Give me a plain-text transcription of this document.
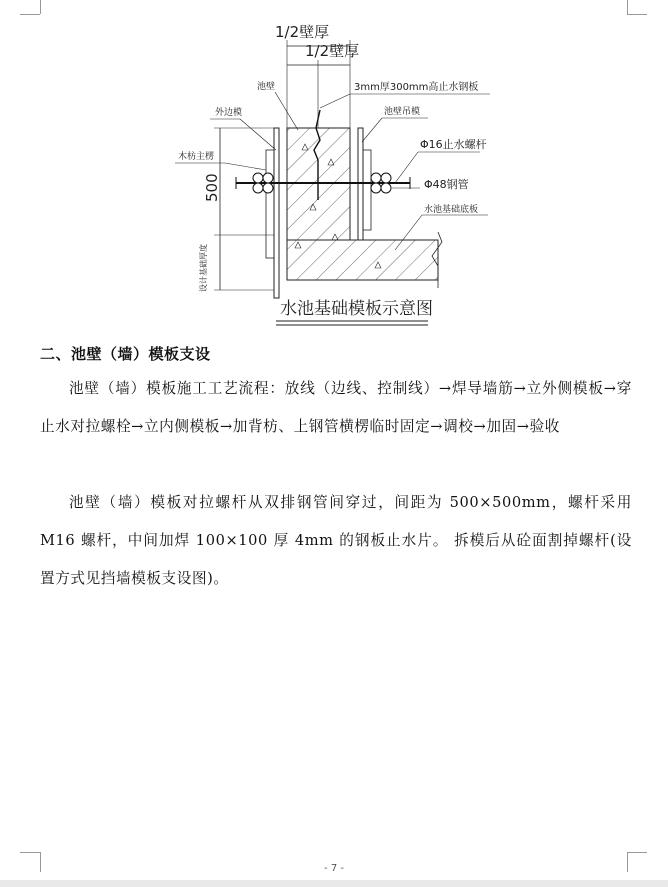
1/2壁厚
1/2壁厚
500
设计基础厚度
池壁	3mm厚300mm高止水钢板
外边模	池壁吊模
Φ16止水螺杆
木枋主楞
Φ48钢管
水池基础底板
水池基础模板示意图
二、池壁（墙）模板支设
池壁（墙）模板施工工艺流程：放线（边线、控制线）→焊导墙筋→立外侧模板→穿止水对拉螺栓→立内侧模板→加背枋、上钢管横楞临时固定→调校→加固→验收
池壁（墙）模板对拉螺杆从双排钢管间穿过，间距为 500×500mm，螺杆采用M16 螺杆，中间加焊 100×100 厚 4mm 的钢板止水片。 拆模后从砼面割掉螺杆(设置方式见挡墙模板支设图)。
- 7 -
